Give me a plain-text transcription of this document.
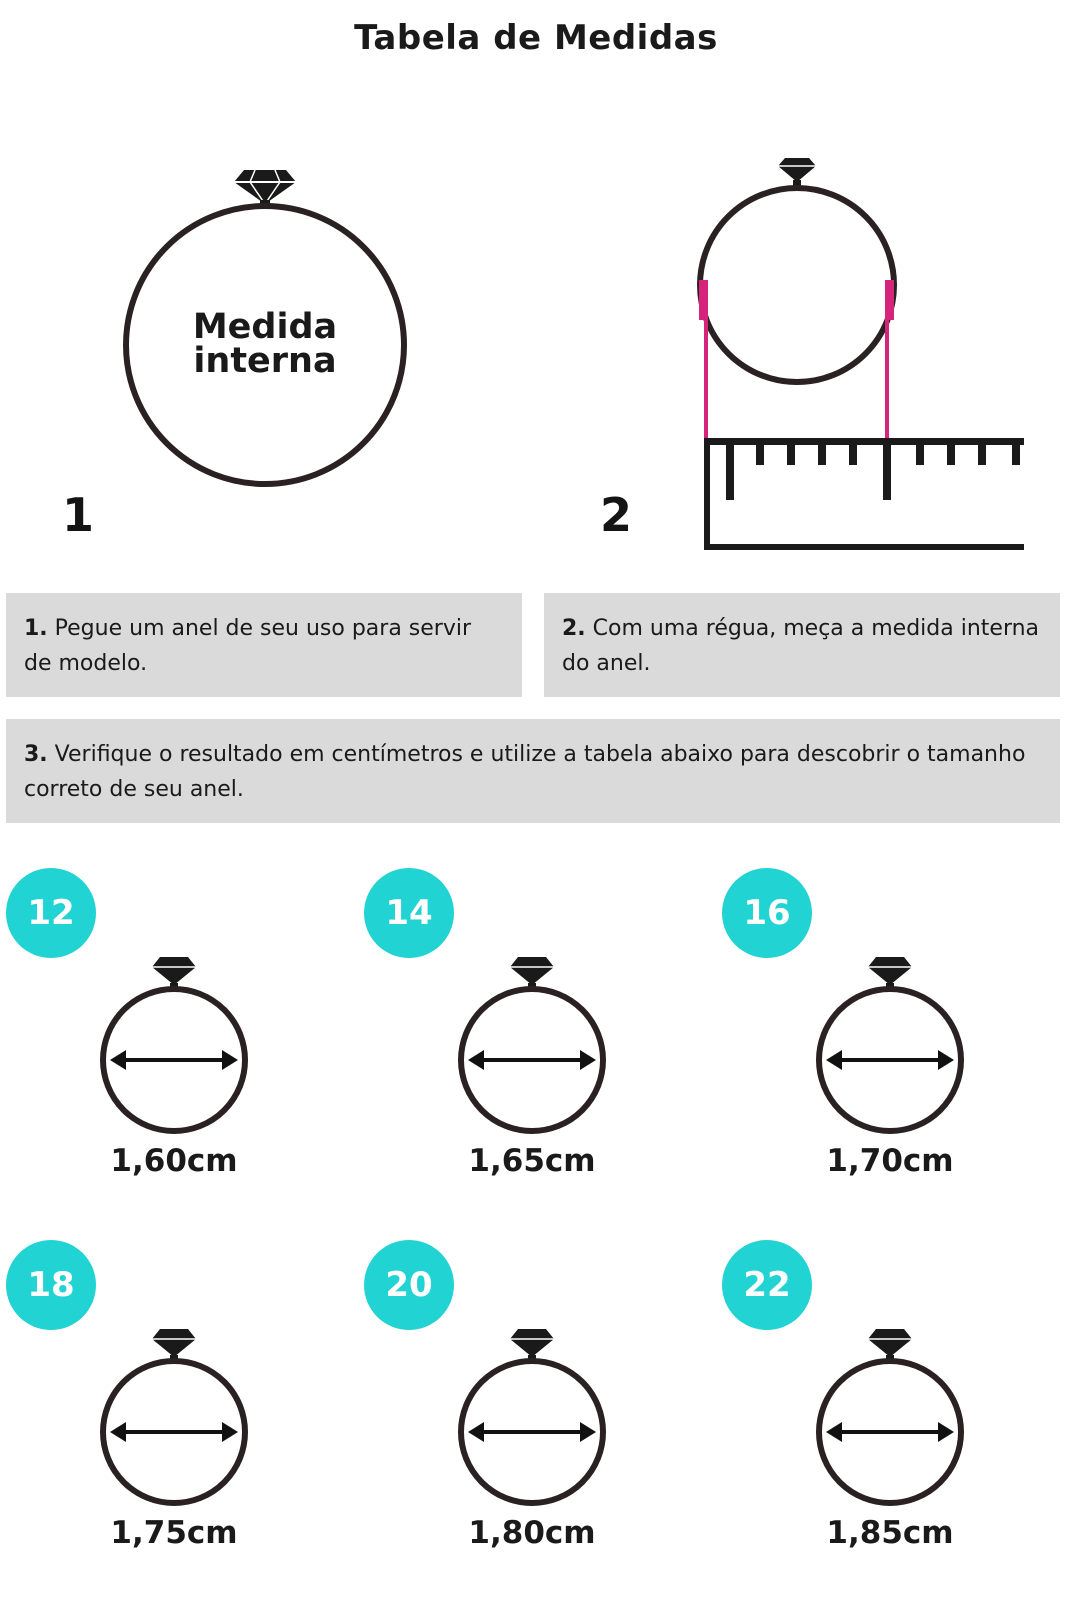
Tabela de Medidas
Medida
interna
1	2
1. Pegue um anel de seu uso para servir de modelo.
2. Com uma régua, meça a medida interna do anel.
3. Verifique o resultado em centímetros e utilize a tabela abaixo para descobrir o tamanho correto de seu anel.
12
1,60cm
14
1,65cm
16
1,70cm
18
1,75cm
20
1,80cm
22
1,85cm
